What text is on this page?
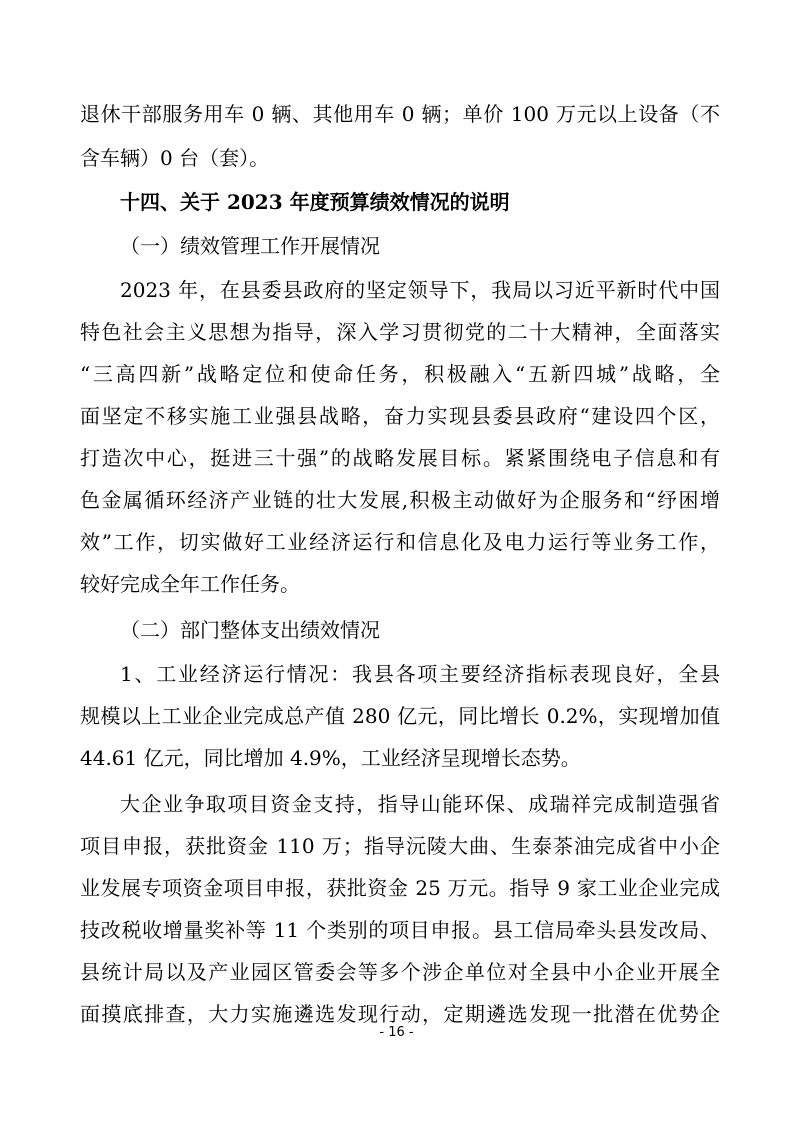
退休干部服务用车 0 辆、其他用车 0 辆；单价 100 万元以上设备（不
含车辆）0 台（套）。
十四、关于 2023 年度预算绩效情况的说明
（一）绩效管理工作开展情况
2023 年，在县委县政府的坚定领导下，我局以习近平新时代中国
特色社会主义思想为指导，深入学习贯彻党的二十大精神，全面落实
“三高四新”战略定位和使命任务，积极融入“五新四城”战略，全
面坚定不移实施工业强县战略，奋力实现县委县政府“建设四个区，
打造次中心，挺进三十强”的战略发展目标。紧紧围绕电子信息和有
色金属循环经济产业链的壮大发展,积极主动做好为企服务和“纾困增
效”工作，切实做好工业经济运行和信息化及电力运行等业务工作，
较好完成全年工作任务。
（二）部门整体支出绩效情况
1、工业经济运行情况：我县各项主要经济指标表现良好，全县
规模以上工业企业完成总产值 280 亿元，同比增长 0.2%，实现增加值
44.61 亿元，同比增加 4.9%，工业经济呈现增长态势。
大企业争取项目资金支持，指导山能环保、成瑞祥完成制造强省
项目申报，获批资金 110 万；指导沅陵大曲、生泰茶油完成省中小企
业发展专项资金项目申报，获批资金 25 万元。指导 9 家工业企业完成
技改税收增量奖补等 11 个类别的项目申报。县工信局牵头县发改局、
县统计局以及产业园区管委会等多个涉企单位对全县中小企业开展全
面摸底排查，大力实施遴选发现行动，定期遴选发现一批潜在优势企
- 16 -
